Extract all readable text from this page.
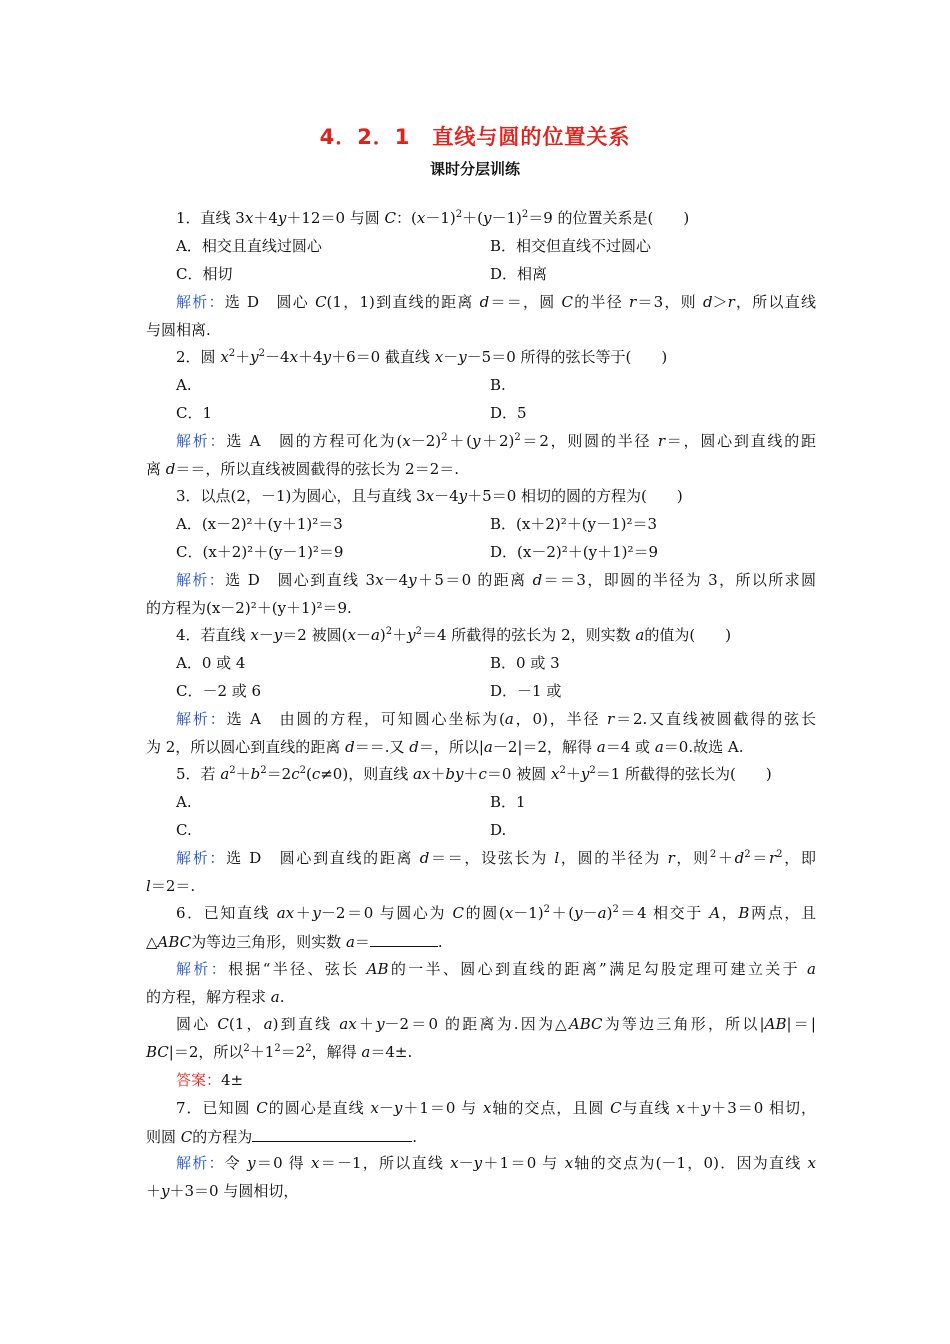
4．2．1　直线与圆的位置关系
课时分层训练
1．直线 3x＋4y＋12＝0 与圆 C：$(x-1)^2+(y-1)^2=9$ 的位置关系是(　　)
A．相交且直线过圆心	B．相交但直线不过圆心
C．相切	D．相离
解析：选 D　圆心 C(1，1)到直线的距离 d＝＝，圆 C的半径 r＝3，则 d＞r，所以直线
与圆相离.
2．圆 $x^2+y^2-4x+4y+6=0$ 截直线 x－y－5＝0 所得的弦长等于(　　)
A.	B.
C．1	D．5
解析：选 A　圆的方程可化为$(x-2)^2+(y+2)^2=2$，则圆的半径 r＝，圆心到直线的距
离 d＝＝，所以直线被圆截得的弦长为 2＝2＝.
3．以点(2，－1)为圆心，且与直线 3x－4y＋5＝0 相切的圆的方程为(　　)
A．(x－2)²＋(y＋1)²＝3	B．(x＋2)²＋(y－1)²＝3
C．(x＋2)²＋(y－1)²＝9	D．(x－2)²＋(y＋1)²＝9
解析：选 D　圆心到直线 3x－4y＋5＝0 的距离 d＝＝3，即圆的半径为 3，所以所求圆
的方程为(x－2)²＋(y＋1)²＝9.
4．若直线 x－y＝2 被圆$(x-a)^2+y^2=4$ 所截得的弦长为 2，则实数 a的值为(　　)
A．0 或 4	B．0 或 3
C．－2 或 6	D．－1 或
解析：选 A　由圆的方程，可知圆心坐标为(a，0)，半径 r＝2.又直线被圆截得的弦长
为 2，所以圆心到直线的距离 d＝＝.又 d＝，所以|a－2|＝2，解得 a＝4 或 a＝0.故选 A.
5．若 $a^2+b^2=2c^2(c\ne 0)$，则直线 ax＋by＋c＝0 被圆 $x^2+y^2=1$ 所截得的弦长为(　　)
A.	B．1
C.	D.
解析：选 D　圆心到直线的距离 d＝＝，设弦长为 l，圆的半径为 r，则$^2+d^2=r^2$，即
l＝2＝.
6．已知直线 ax＋y－2＝0 与圆心为 C的圆$(x-1)^2+(y-a)^2=4$ 相交于 A，B两点，且
△ABC为等边三角形，则实数 a＝	.
解析：根据“半径、弦长 AB的一半、圆心到直线的距离”满足勾股定理可建立关于 a
的方程，解方程求 a.
圆心 C(1，a)到直线 ax＋y－2＝0 的距离为.因为△ABC为等边三角形，所以|AB|＝|
BC|＝2，所以$^2+1^2=2^2$，解得 a＝4±.
答案：4±
7．已知圆 C的圆心是直线 x－y＋1＝0 与 x轴的交点，且圆 C与直线 x＋y＋3＝0 相切，
则圆 C的方程为	.
解析：令 y＝0 得 x＝－1，所以直线 x－y＋1＝0 与 x轴的交点为(－1，0)．因为直线 x
＋y＋3＝0 与圆相切，
